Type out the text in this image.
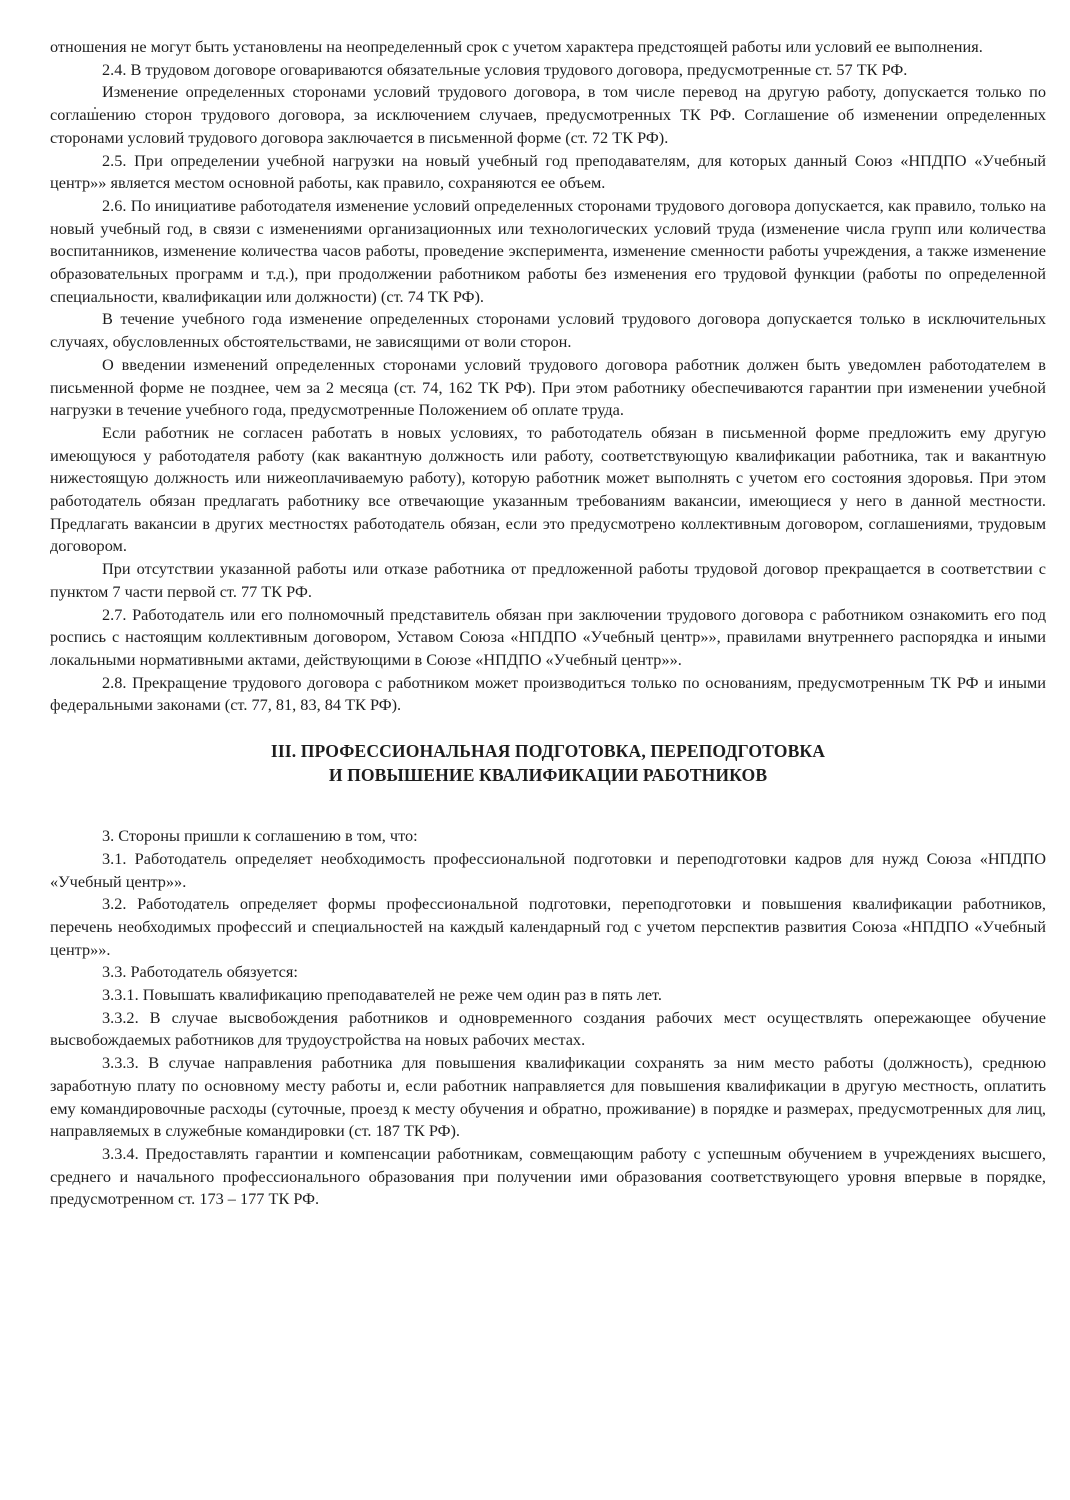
отношения не могут быть установлены на неопределенный срок с учетом характера предстоящей работы или условий ее выполнения.

2.4. В трудовом договоре оговариваются обязательные условия трудового договора, предусмотренные ст. 57 ТК РФ.

Изменение определенных сторонами условий трудового договора, в том числе перевод на другую работу, допускается только по соглашению сторон трудового договора, за исключением случаев, предусмотренных ТК РФ. Соглашение об изменении определенных сторонами условий трудового договора заключается в письменной форме (ст. 72 ТК РФ).

2.5. При определении учебной нагрузки на новый учебный год преподавателям, для которых данный Союз «НПДПО «Учебный центр»» является местом основной работы, как правило, сохраняются ее объем.

2.6. По инициативе работодателя изменение условий определенных сторонами трудового договора допускается, как правило, только на новый учебный год, в связи с изменениями организационных или технологических условий труда (изменение числа групп или количества воспитанников, изменение количества часов работы, проведение эксперимента, изменение сменности работы учреждения, а также изменение образовательных программ и т.д.), при продолжении работником работы без изменения его трудовой функции (работы по определенной специальности, квалификации или должности) (ст. 74 ТК РФ).

В течение учебного года изменение определенных сторонами условий трудового договора допускается только в исключительных случаях, обусловленных обстоятельствами, не зависящими от воли сторон.

О введении изменений определенных сторонами условий трудового договора работник должен быть уведомлен работодателем в письменной форме не позднее, чем за 2 месяца (ст. 74, 162 ТК РФ). При этом работнику обеспечиваются гарантии при изменении учебной нагрузки в течение учебного года, предусмотренные Положением об оплате труда.

Если работник не согласен работать в новых условиях, то работодатель обязан в письменной форме предложить ему другую имеющуюся у работодателя работу (как вакантную должность или работу, соответствующую квалификации работника, так и вакантную нижестоящую должность или нижеоплачиваемую работу), которую работник может выполнять с учетом его состояния здоровья. При этом работодатель обязан предлагать работнику все отвечающие указанным требованиям вакансии, имеющиеся у него в данной местности. Предлагать вакансии в других местностях работодатель обязан, если это предусмотрено коллективным договором, соглашениями, трудовым договором.

При отсутствии указанной работы или отказе работника от предложенной работы трудовой договор прекращается в соответствии с пунктом 7 части первой ст. 77 ТК РФ.

2.7. Работодатель или его полномочный представитель обязан при заключении трудового договора с работником ознакомить его под роспись с настоящим коллективным договором, Уставом Союза «НПДПО «Учебный центр»», правилами внутреннего распорядка и иными локальными нормативными актами, действующими в Союзе «НПДПО «Учебный центр»».

2.8. Прекращение трудового договора с работником может производиться только по основаниям, предусмотренным ТК РФ и иными федеральными законами (ст. 77, 81, 83, 84 ТК РФ).

III. ПРОФЕССИОНАЛЬНАЯ ПОДГОТОВКА, ПЕРЕПОДГОТОВКА
И ПОВЫШЕНИЕ КВАЛИФИКАЦИИ РАБОТНИКОВ

3. Стороны пришли к соглашению в том, что:

3.1. Работодатель определяет необходимость профессиональной подготовки и переподготовки кадров для нужд Союза «НПДПО «Учебный центр»».

3.2. Работодатель определяет формы профессиональной подготовки, переподготовки и повышения квалификации работников, перечень необходимых профессий и специальностей на каждый календарный год с учетом перспектив развития Союза «НПДПО «Учебный центр»».

3.3. Работодатель обязуется:

3.3.1. Повышать квалификацию преподавателей не реже чем один раз в пять лет.

3.3.2. В случае высвобождения работников и одновременного создания рабочих мест осуществлять опережающее обучение высвобождаемых работников для трудоустройства на новых рабочих местах.

3.3.3. В случае направления работника для повышения квалификации сохранять за ним место работы (должность), среднюю заработную плату по основному месту работы и, если работник направляется для повышения квалификации в другую местность, оплатить ему командировочные расходы (суточные, проезд к месту обучения и обратно, проживание) в порядке и размерах, предусмотренных для лиц, направляемых в служебные командировки (ст. 187 ТК РФ).

3.3.4. Предоставлять гарантии и компенсации работникам, совмещающим работу с успешным обучением в учреждениях высшего, среднего и начального профессионального образования при получении ими образования соответствующего уровня впервые в порядке, предусмотренном ст. 173 – 177 ТК РФ.
